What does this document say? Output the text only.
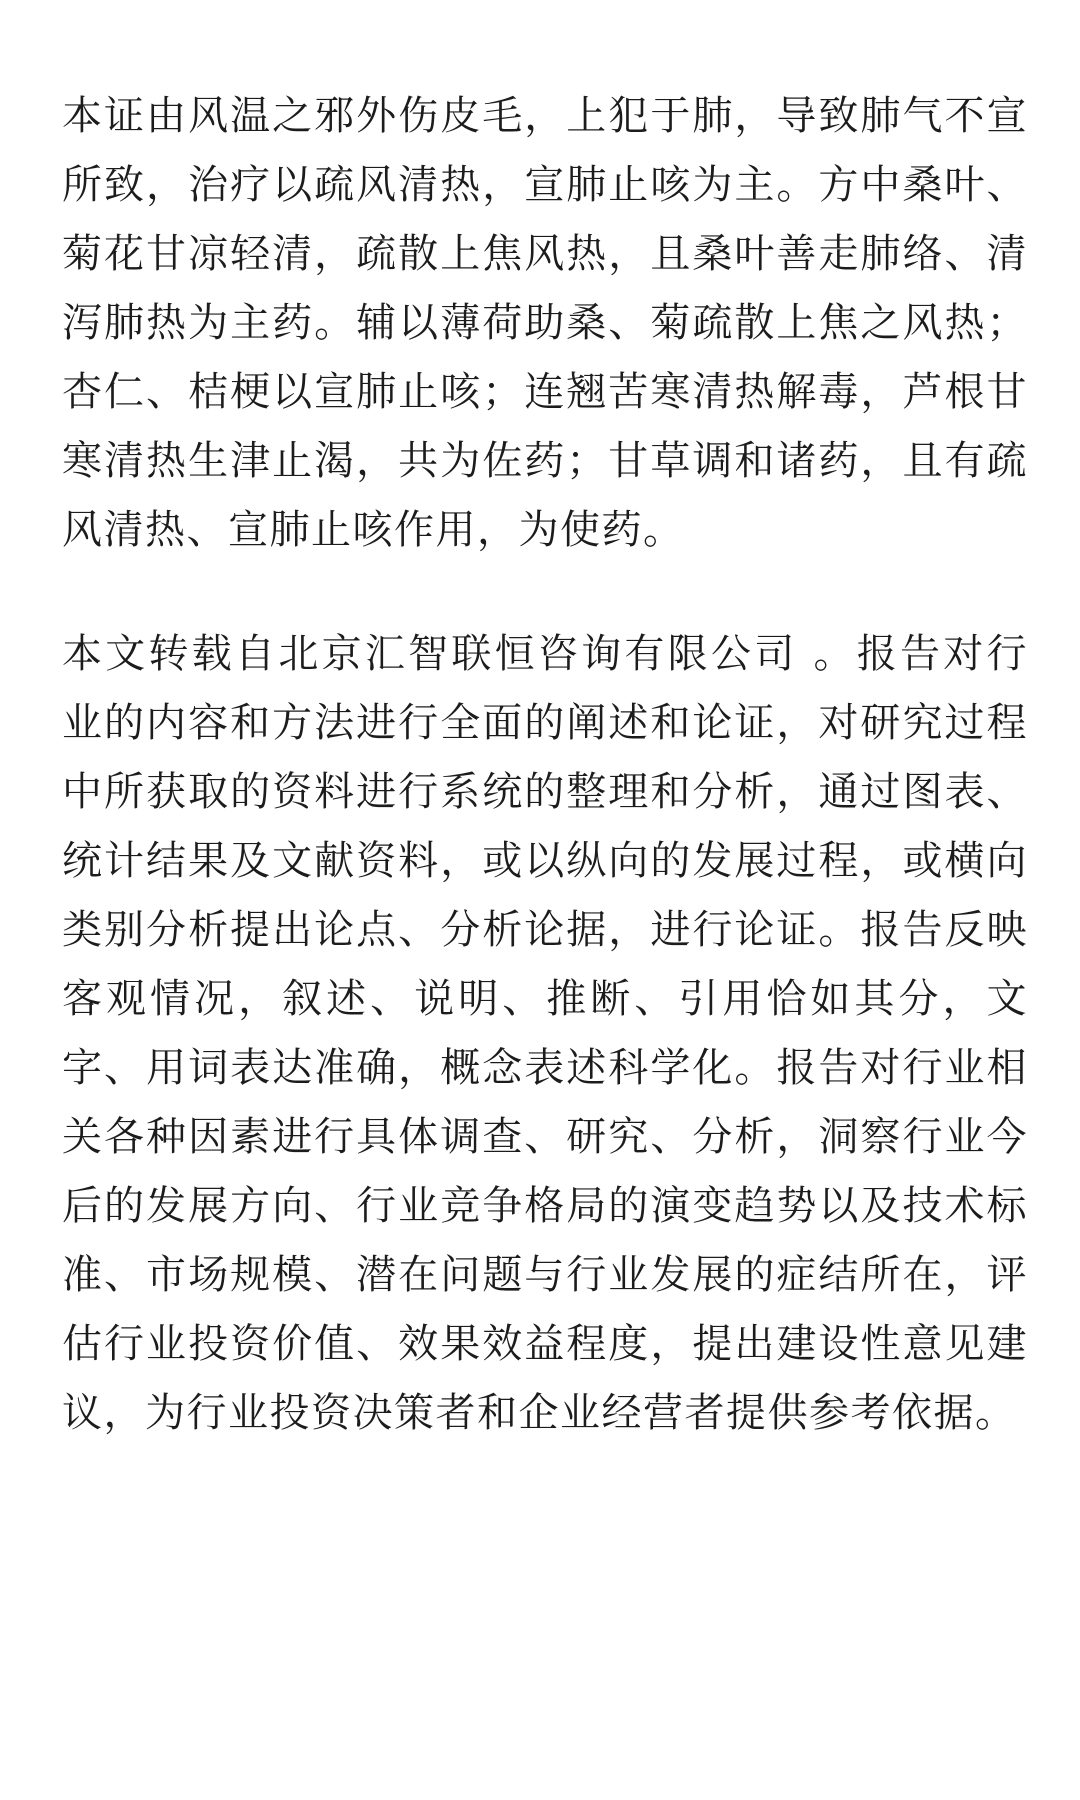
本证由风温之邪外伤皮毛，上犯于肺，导致肺气不宣所致，治疗以疏风清热，宣肺止咳为主。方中桑叶、菊花甘凉轻清，疏散上焦风热，且桑叶善走肺络、清泻肺热为主药。辅以薄荷助桑、菊疏散上焦之风热；杏仁、桔梗以宣肺止咳；连翘苦寒清热解毒，芦根甘寒清热生津止渴，共为佐药；甘草调和诸药，且有疏风清热、宣肺止咳作用，为使药。

本文转载自北京汇智联恒咨询有限公司 。报告对行业的内容和方法进行全面的阐述和论证，对研究过程中所获取的资料进行系统的整理和分析，通过图表、统计结果及文献资料，或以纵向的发展过程，或横向类别分析提出论点、分析论据，进行论证。报告反映客观情况，叙述、说明、推断、引用恰如其分，文字、用词表达准确，概念表述科学化。报告对行业相关各种因素进行具体调查、研究、分析，洞察行业今后的发展方向、行业竞争格局的演变趋势以及技术标准、市场规模、潜在问题与行业发展的症结所在，评估行业投资价值、效果效益程度，提出建设性意见建议，为行业投资决策者和企业经营者提供参考依据。
